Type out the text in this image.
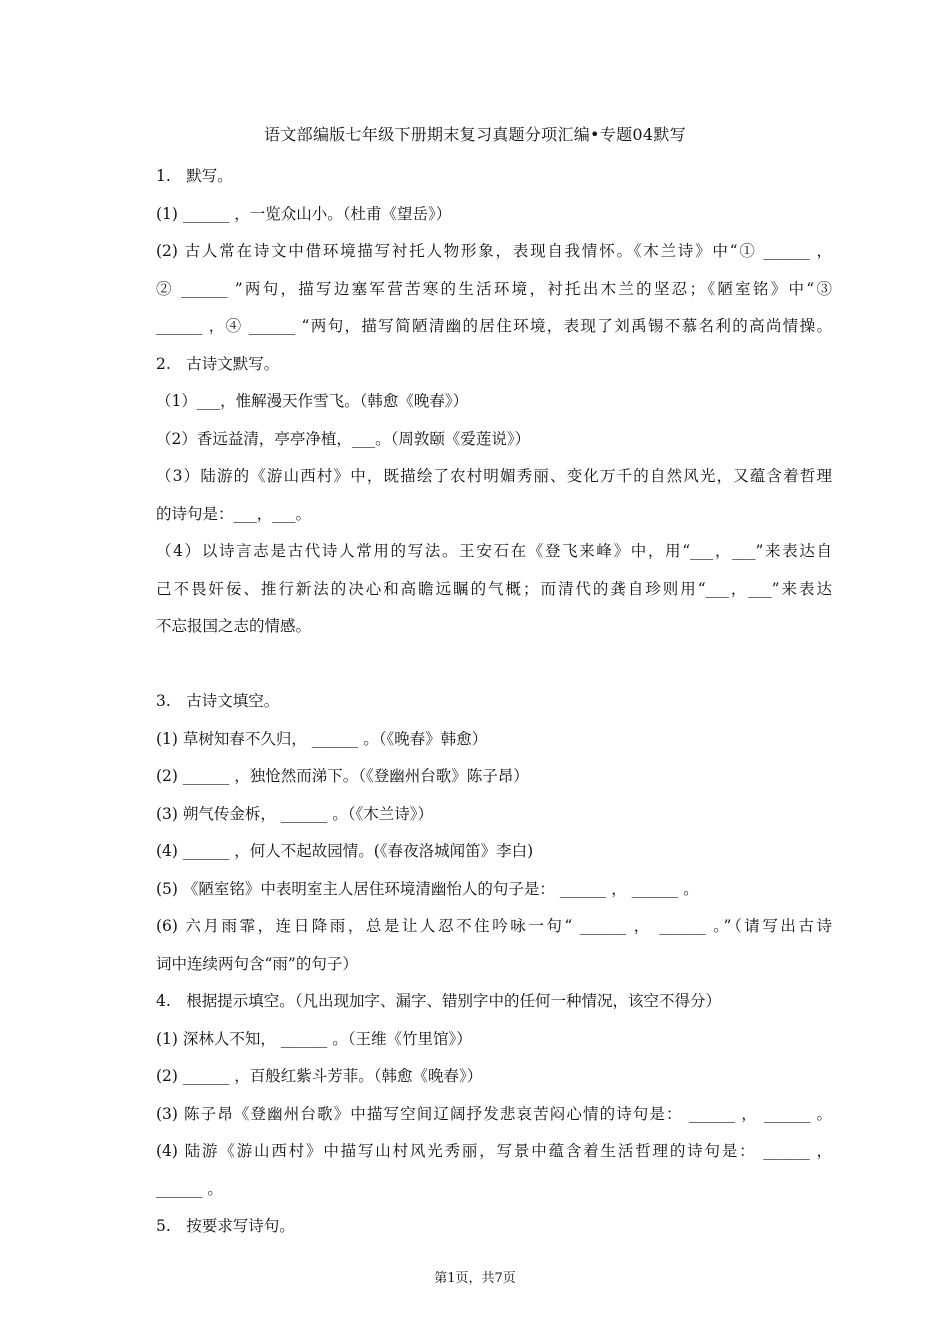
语文部编版七年级下册期末复习真题分项汇编•专题04默写
1.　默写。
(1) ______ ，一览众山小。（杜甫《望岳》）
(2) 古人常在诗文中借环境描写衬托人物形象，表现自我情怀。《木兰诗》中“① ______ ，
② ______ ”两句，描写边塞军营苦寒的生活环境，衬托出木兰的坚忍；《陋室铭》中“③
______ ，④ ______ “两句，描写简陋清幽的居住环境，表现了刘禹锡不慕名利的高尚情操。
2.　古诗文默写。
（1）___，惟解漫天作雪飞。（韩愈《晚春》）
（2）香远益清，亭亭净植，___。（周敦颐《爱莲说》）
（3）陆游的《游山西村》中，既描绘了农村明媚秀丽、变化万千的自然风光，又蕴含着哲理
的诗句是：___，___。
（4）以诗言志是古代诗人常用的写法。王安石在《登飞来峰》中，用“___，___”来表达自
己不畏奸佞、推行新法的决心和高瞻远瞩的气概；而清代的龚自珍则用“___，___”来表达
不忘报国之志的情感。
3.　古诗文填空。
(1) 草树知春不久归， ______ 。（《晚春》韩愈）
(2) ______ ，独怆然而涕下。（《登幽州台歌》陈子昂）
(3) 朔气传金柝， ______ 。（《木兰诗》）
(4) ______ ，何人不起故园情。(《春夜洛城闻笛》李白)
(5) 《陋室铭》中表明室主人居住环境清幽怡人的句子是： ______ ， ______ 。
(6) 六月雨霏，连日降雨，总是让人忍不住吟咏一句“ ______ ， ______ 。”（请写出古诗
词中连续两句含“雨”的句子）
4.　根据提示填空。（凡出现加字、漏字、错别字中的任何一种情况，该空不得分）
(1) 深林人不知， ______ 。（王维《竹里馆》）
(2) ______ ，百般红紫斗芳菲。（韩愈《晚春》）
(3) 陈子昂《登幽州台歌》中描写空间辽阔抒发悲哀苦闷心情的诗句是： ______ ， ______ 。
(4) 陆游《游山西村》中描写山村风光秀丽，写景中蕴含着生活哲理的诗句是： ______ ，
______ 。
5.　按要求写诗句。
第1页，共7页
